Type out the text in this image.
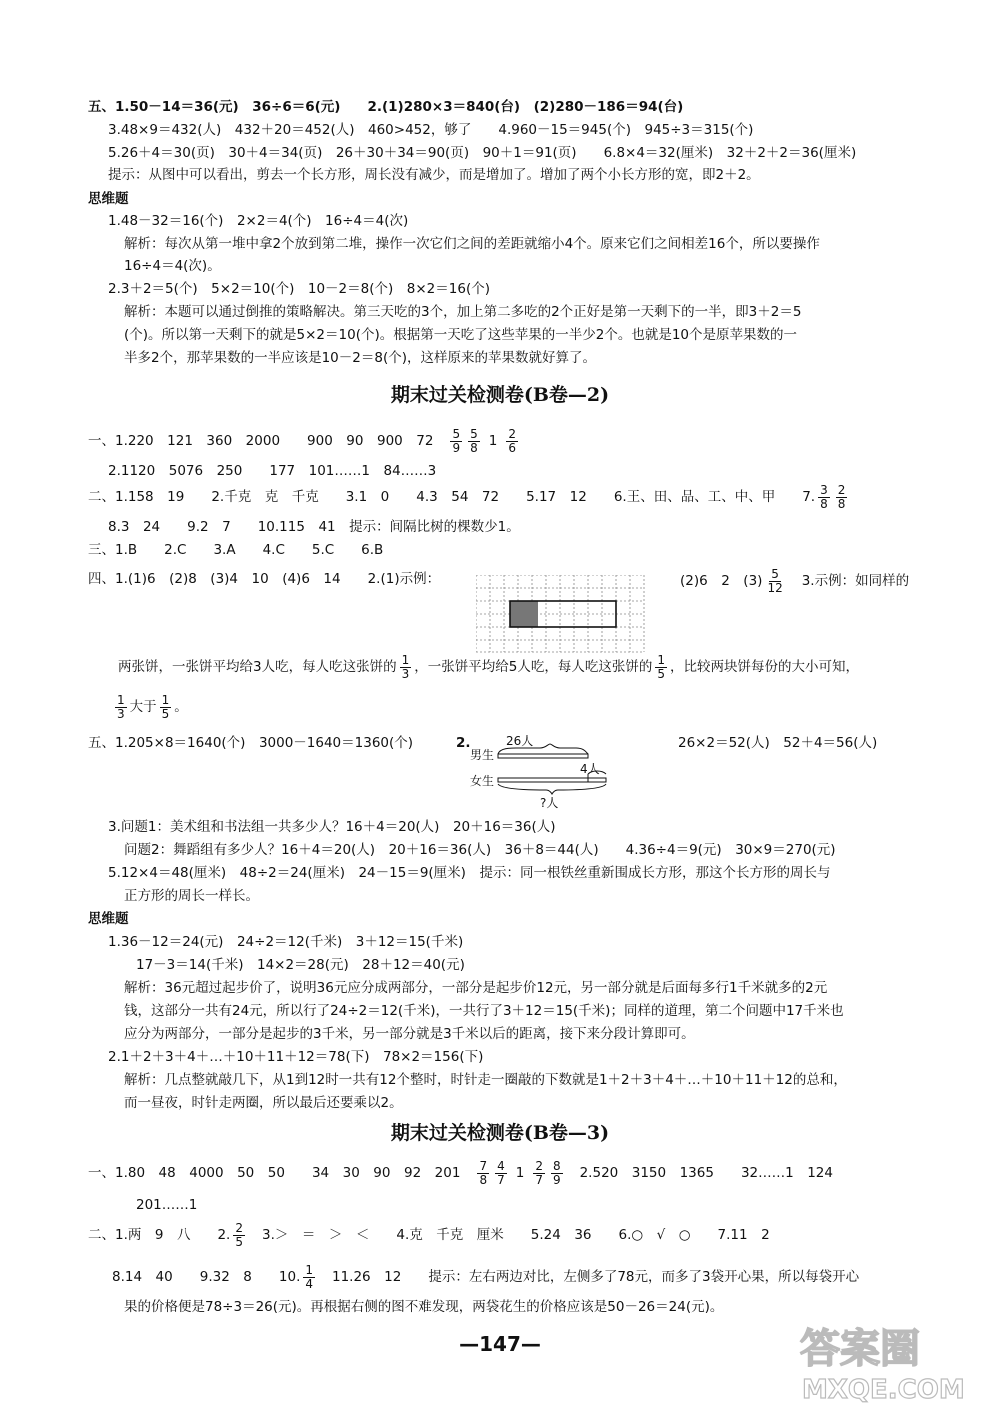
五、1.50－14＝36(元)　36÷6＝6(元)　　2.(1)280×3＝840(台)　(2)280－186＝94(台)
3.48×9＝432(人)　432＋20＝452(人)　460>452，够了　　4.960－15＝945(个)　945÷3＝315(个)
5.26＋4＝30(页)　30＋4＝34(页)　26＋30＋34＝90(页)　90＋1＝91(页)　　6.8×4＝32(厘米)　32＋2＋2＝36(厘米)
提示：从图中可以看出，剪去一个长方形，周长没有减少，而是增加了。增加了两个小长方形的宽，即2＋2。
思维题
1.48－32＝16(个)　2×2＝4(个)　16÷4＝4(次)
解析：每次从第一堆中拿2个放到第二堆，操作一次它们之间的差距就缩小4个。原来它们之间相差16个，所以要操作
16÷4＝4(次)。
2.3＋2＝5(个)　5×2＝10(个)　10－2＝8(个)　8×2＝16(个)
解析：本题可以通过倒推的策略解决。第三天吃的3个，加上第二多吃的2个正好是第一天剩下的一半，即3＋2＝5
(个)。所以第一天剩下的就是5×2＝10(个)。根据第一天吃了这些苹果的一半少2个。也就是10个是原苹果数的一
半多2个，那苹果数的一半应该是10－2＝8(个)，这样原来的苹果数就好算了。
期末过关检测卷(B卷—2)
一、1.220　121　360　2000　　900　90　900　$72 \frac{5}{9} \frac{5}{8} 1 \frac{2}{6}$
2.1120　5076　250　　177　101……1　84……3
二、1.158　19　　2.千克　克　千克　　3.1　0　　4.3　54　72　　5.17　12　　6.王、田、品、工、中、甲　　7. $\frac{3}{8} \frac{2}{8}$
8.3　24　　9.2　7　　10.115　41　提示：间隔比树的棵数少1。
三、1.B　　2.C　　3.A　　4.C　　5.C　　6.B
四、1.(1)6　(2)8　(3)4　10　(4)6　14　　2.(1)示例：	(2)6　2　$(3) \frac{5}{12} 3$.示例：如同样的
两张饼，一张饼平均给3人吃，每人吃这张饼的 $\frac{1}{3}$ ，一张饼平均给5人吃，每人吃这张饼的 $\frac{1}{5}$ ，比较两块饼每份的大小可知，
$\frac{1}{3}$ 大于 $\frac{1}{5}$ 。
五、1.205×8＝1640(个)　3000－1640＝1360(个)	2.	26×2＝52(人)　52＋4＝56(人)
男生
女生
26人
4人
?人
3.问题1：美术组和书法组一共多少人？16＋4＝20(人)　20＋16＝36(人)
问题2：舞蹈组有多少人？16＋4＝20(人)　20＋16＝36(人)　36＋8＝44(人)　　4.36÷4＝9(元)　30×9＝270(元)
5.12×4＝48(厘米)　48÷2＝24(厘米)　24－15＝9(厘米)　提示：同一根铁丝重新围成长方形，那这个长方形的周长与
正方形的周长一样长。
思维题
1.36－12＝24(元)　24÷2＝12(千米)　3＋12＝15(千米)
17－3＝14(千米)　14×2＝28(元)　28＋12＝40(元)
解析：36元超过起步价了，说明36元应分成两部分，一部分是起步价12元，另一部分就是后面每多行1千米就多的2元
钱，这部分一共有24元，所以行了24÷2＝12(千米)，一共行了3＋12＝15(千米)；同样的道理，第二个问题中17千米也
应分为两部分，一部分是起步的3千米，另一部分就是3千米以后的距离，接下来分段计算即可。
2.1＋2＋3＋4＋…＋10＋11＋12＝78(下)　78×2＝156(下)
解析：几点整就敲几下，从1到12时一共有12个整时，时针走一圈敲的下数就是1＋2＋3＋4＋…＋10＋11＋12的总和，
而一昼夜，时针走两圈，所以最后还要乘以2。
期末过关检测卷(B卷—3)
一、1.80　48　4000　50　50　　34　30　90　92　$201 \frac{7}{8} \frac{4}{7} 1 \frac{2}{7} \frac{8}{9} 2.520$　3150　1365　　32……1　124
201……1
二、1.两　9　八　　2. $\frac{2}{5} 3.>$　＝　＞　＜　　4.克　千克　厘米　　5.24　36　　6.○　√　○　　7.11　2
8.14　40　　9.32　8　　10. $\frac{1}{4} 11.26$　12　　提示：左右两边对比，左侧多了78元，而多了3袋开心果，所以每袋开心
果的价格便是78÷3＝26(元)。再根据右侧的图不难发现，两袋花生的价格应该是50－26＝24(元)。
—147—	答案圈
MXQE.COM
